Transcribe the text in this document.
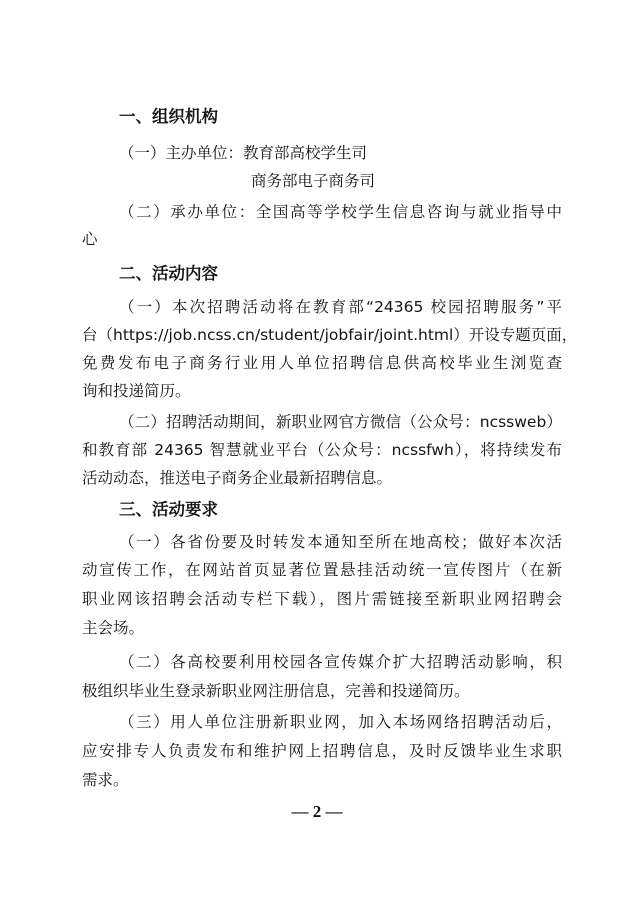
一、组织机构
（一）主办单位：教育部高校学生司
商务部电子商务司
（二）承办单位：全国高等学校学生信息咨询与就业指导中
心
二、活动内容
（一）本次招聘活动将在教育部“24365 校园招聘服务”平
台（https://job.ncss.cn/student/jobfair/joint.html）开设专题页面，
免费发布电子商务行业用人单位招聘信息供高校毕业生浏览查
询和投递简历。
（二）招聘活动期间，新职业网官方微信（公众号：ncssweb）
和教育部 24365 智慧就业平台（公众号：ncssfwh），将持续发布
活动动态，推送电子商务企业最新招聘信息。
三、活动要求
（一）各省份要及时转发本通知至所在地高校；做好本次活
动宣传工作，在网站首页显著位置悬挂活动统一宣传图片（在新
职业网该招聘会活动专栏下载），图片需链接至新职业网招聘会
主会场。
（二）各高校要利用校园各宣传媒介扩大招聘活动影响，积
极组织毕业生登录新职业网注册信息，完善和投递简历。
（三）用人单位注册新职业网，加入本场网络招聘活动后，
应安排专人负责发布和维护网上招聘信息，及时反馈毕业生求职
需求。
— 2 —
